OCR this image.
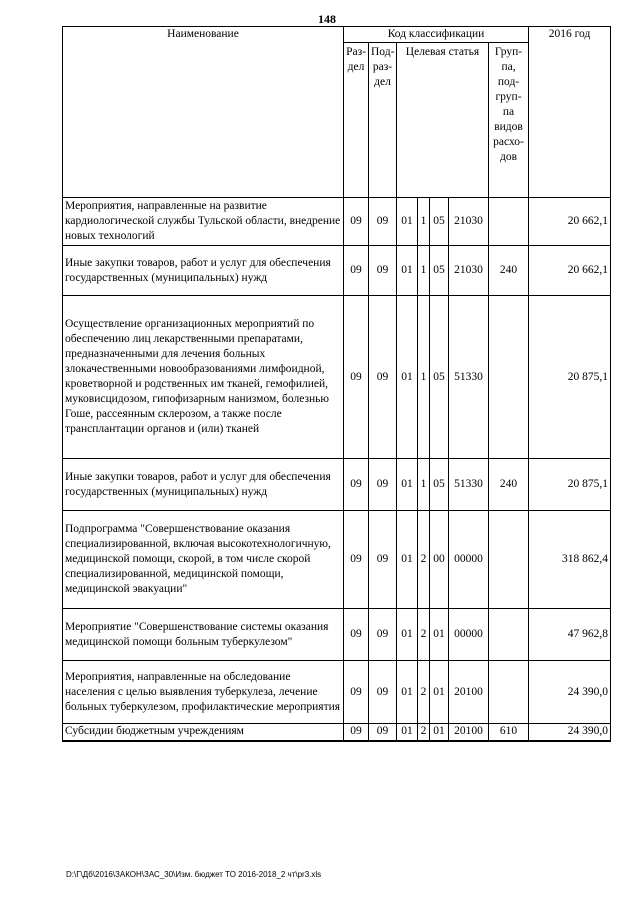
148
Наименование	Код классификации							2016 год
	Раз-дел	Под-раз-дел	Целевая статья				Груп-па, под-груп-па видов расхо-дов	
Мероприятия, направленные на развитие кардиологической службы Тульской области, внедрение новых технологий	09	09	01	1	05	21030		20 662,1
Иные закупки товаров, работ и услуг для обеспечения государственных (муниципальных) нужд	09	09	01	1	05	21030	240	20 662,1
Осуществление организационных мероприятий по обеспечению лиц лекарственными препаратами, предназначенными для лечения больных злокачественными новообразованиями лимфоидной, кроветворной и родственных им тканей, гемофилией, муковисцидозом, гипофизарным нанизмом, болезнью Гоше, рассеянным склерозом, а также после трансплантации органов и (или) тканей	09	09	01	1	05	51330		20 875,1
Иные закупки товаров, работ и услуг для обеспечения государственных (муниципальных) нужд	09	09	01	1	05	51330	240	20 875,1
Подпрограмма "Совершенствование оказания специализированной, включая высокотехнологичную, медицинской помощи, скорой, в том числе скорой специализированной, медицинской помощи, медицинской эвакуации"	09	09	01	2	00	00000		318 862,4
Мероприятие "Совершенствование системы оказания медицинской помощи больным туберкулезом"	09	09	01	2	01	00000		47 962,8
Мероприятия, направленные на обследование населения с целью выявления туберкулеза, лечение больных туберкулезом, профилактические мероприятия	09	09	01	2	01	20100		24 390,0
Субсидии бюджетным учреждениям	09	09	01	2	01	20100	610	24 390,0
D:\Г\Дб\2016\ЗАКОН\ЗАС_30\Изм. бюджет ТО 2016-2018_2 чт\pr3.xls
